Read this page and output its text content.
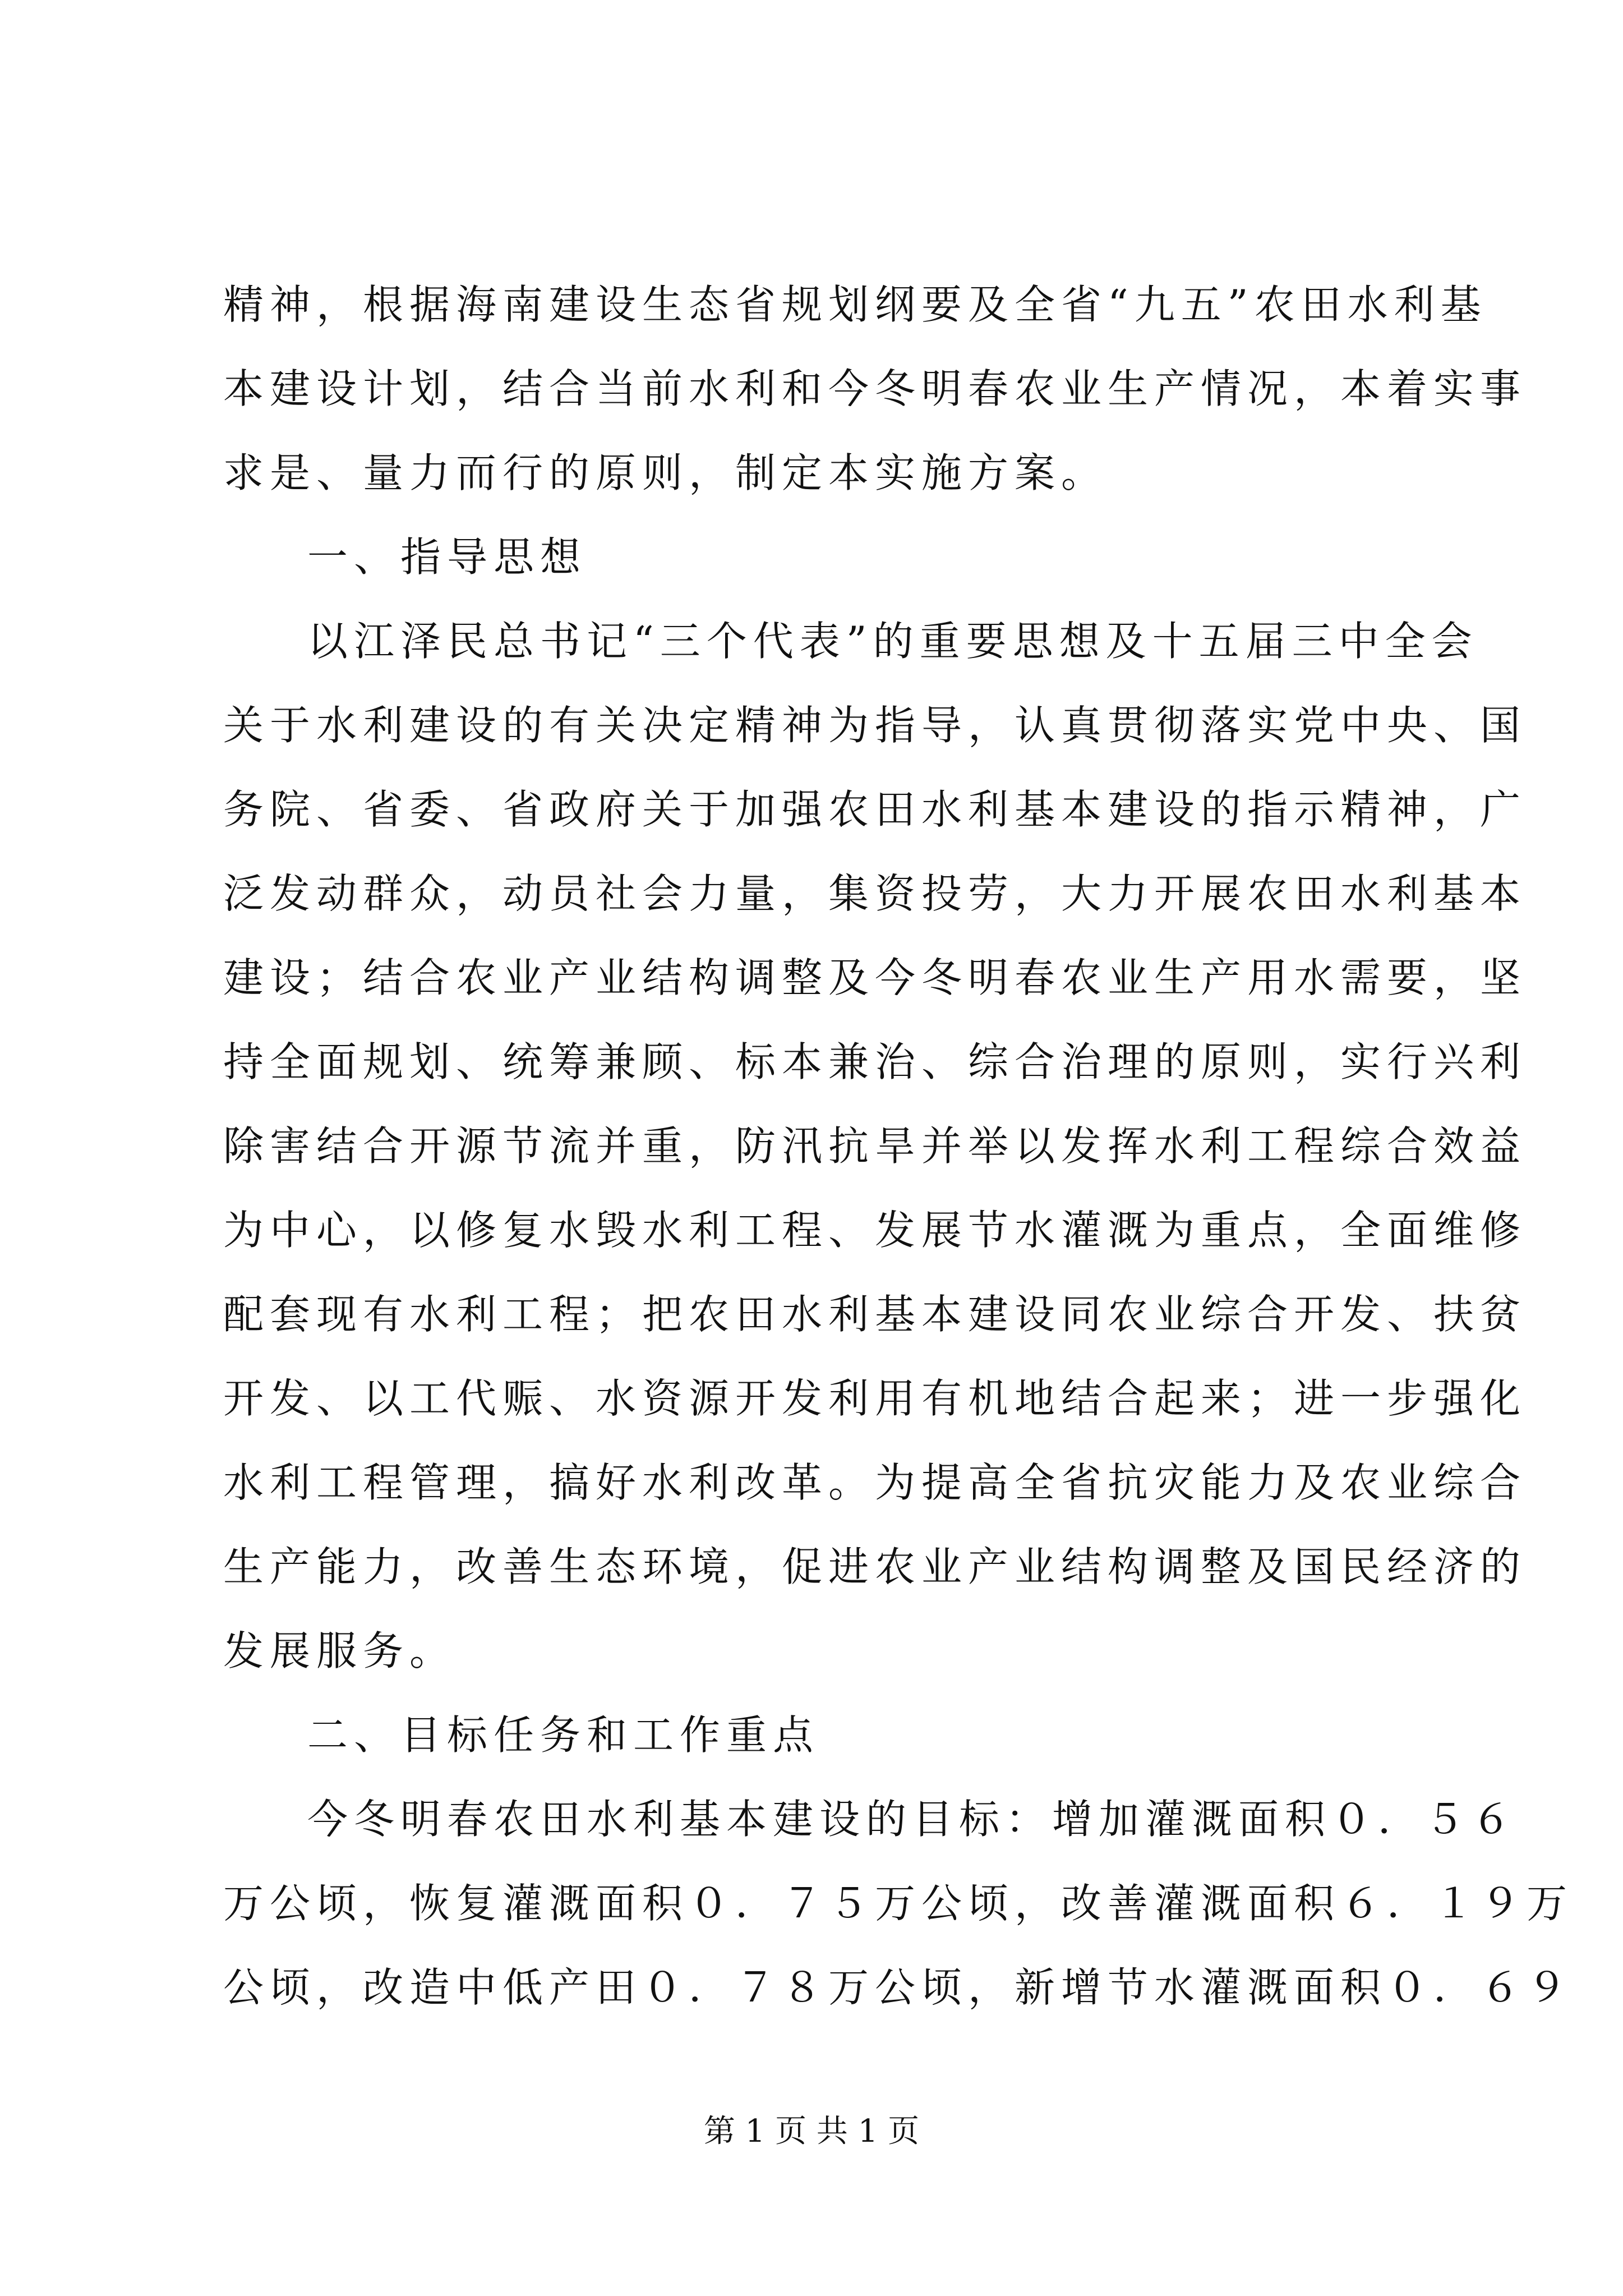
精神，根据海南建设生态省规划纲要及全省“九五”农田水利基
本建设计划，结合当前水利和今冬明春农业生产情况，本着实事
求是、量力而行的原则，制定本实施方案。
一、指导思想
以江泽民总书记“三个代表”的重要思想及十五届三中全会
关于水利建设的有关决定精神为指导，认真贯彻落实党中央、国
务院、省委、省政府关于加强农田水利基本建设的指示精神，广
泛发动群众，动员社会力量，集资投劳，大力开展农田水利基本
建设；结合农业产业结构调整及今冬明春农业生产用水需要，坚
持全面规划、统筹兼顾、标本兼治、综合治理的原则，实行兴利
除害结合开源节流并重，防汛抗旱并举以发挥水利工程综合效益
为中心，以修复水毁水利工程、发展节水灌溉为重点，全面维修
配套现有水利工程；把农田水利基本建设同农业综合开发、扶贫
开发、以工代赈、水资源开发利用有机地结合起来；进一步强化
水利工程管理，搞好水利改革。为提高全省抗灾能力及农业综合
生产能力，改善生态环境，促进农业产业结构调整及国民经济的
发展服务。
二、目标任务和工作重点
今冬明春农田水利基本建设的目标：增加灌溉面积０．５６
万公顷，恢复灌溉面积０．７５万公顷，改善灌溉面积６．１９万
公顷，改造中低产田０．７８万公顷，新增节水灌溉面积０．６９
第 1 页 共 1 页
